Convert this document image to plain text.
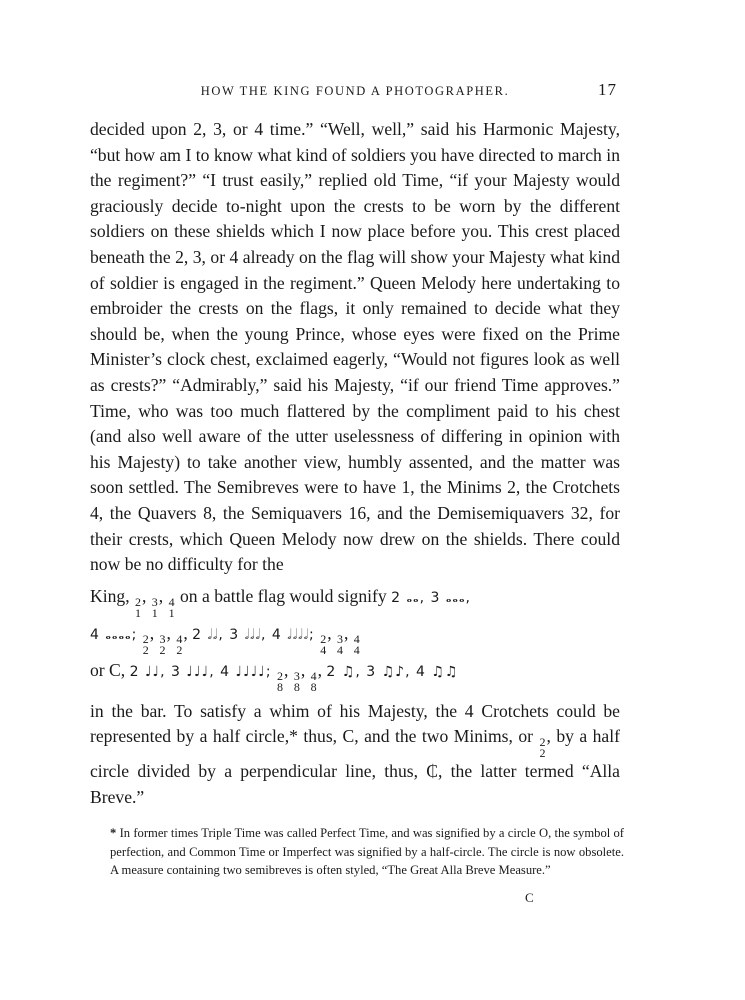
HOW THE KING FOUND A PHOTOGRAPHER.	17

decided upon 2, 3, or 4 time.” “Well, well,” said his Harmonic Majesty, “but how am I to know what kind of soldiers you have directed to march in the regiment?” “I trust easily,” replied old Time, “if your Majesty would graciously decide to-night upon the crests to be worn by the different soldiers on these shields which I now place before you. This crest placed beneath the 2, 3, or 4 already on the flag will show your Majesty what kind of soldier is engaged in the regiment.” Queen Melody here undertaking to embroider the crests on the flags, it only remained to decide what they should be, when the young Prince, whose eyes were fixed on the Prime Minister’s clock chest, exclaimed eagerly, “Would not figures look as well as crests?” “Admirably,” said his Majesty, “if our friend Time approves.” Time, who was too much flattered by the compliment paid to his chest (and also well aware of the utter uselessness of differing in opinion with his Majesty) to take another view, humbly assented, and the matter was soon settled. The Semibreves were to have 1, the Minims 2, the Crotchets 4, the Quavers 8, the Semiquavers 16, and the Demisemiquavers 32, for their crests, which Queen Melody now drew on the shields. There could now be no difficulty for the

King, 2
1
, 3
1
, 4
1
on a battle flag would signify 2 𝅝𝅝, 3 𝅝𝅝𝅝,
4 𝅝𝅝𝅝𝅝; 2
2
, 3
2
, 4
2
, 2 𝅗𝅥𝅗𝅥, 3 𝅗𝅥𝅗𝅥𝅗𝅥, 4 𝅗𝅥𝅗𝅥𝅗𝅥𝅗𝅥; 2
4
, 3
4
, 4
4
or C, 2 ♩♩, 3 ♩♩♩, 4 ♩♩♩♩; 2
8
, 3
8
, 4
8
, 2 ♫, 3 ♫♪, 4 ♫♫

in the bar. To satisfy a whim of his Majesty, the 4 Crotchets could be represented by a half circle,* thus, C, and the two Minims, or 2
2
, by a half circle divided by a perpendicular line, thus, ₵, the latter termed “Alla Breve.”

* In former times Triple Time was called Perfect Time, and was signified by a circle O, the symbol of perfection, and Common Time or Imperfect was signified by a half-circle. The circle is now obsolete. A measure containing two semibreves is often styled, “The Great Alla Breve Measure.”
C
